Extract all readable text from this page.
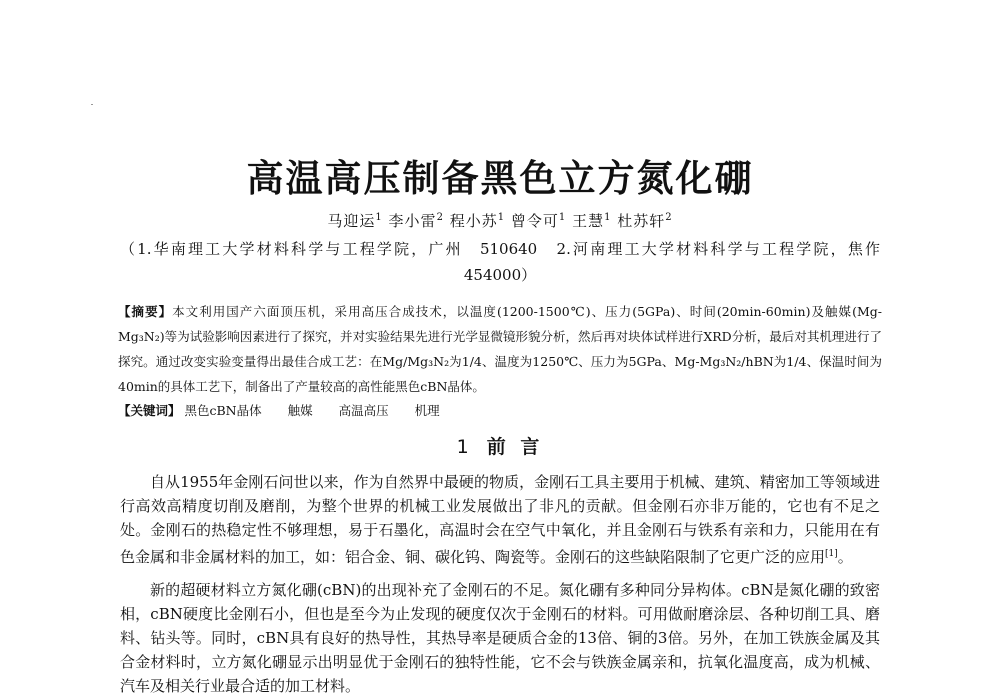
高温高压制备黑色立方氮化硼
马迎运$^1$ 李小雷$^2$ 程小苏$^1$ 曾令可$^1$ 王慧$^1$ 杜苏轩$^2$
（1.华南理工大学材料科学与工程学院，广州　510640　2.河南理工大学材料科学与工程学院，焦作
454000）
【摘要】本文利用国产六面顶压机，采用高压合成技术，以温度(1200-1500℃)、压力(5GPa)、时间(20min-60min)及触媒(Mg-Mg₃N₂)等为试验影响因素进行了探究，并对实验结果先进行光学显微镜形貌分析，然后再对块体试样进行XRD分析，最后对其机理进行了探究。通过改变实验变量得出最佳合成工艺：在Mg/Mg₃N₂为1/4、温度为1250℃、压力为5GPa、Mg-Mg₃N₂/hBN为1/4、保温时间为40min的具体工艺下，制备出了产量较高的高性能黑色cBN晶体。
【关键词】 黑色cBN晶体 触媒 高温高压 机理
1 前 言

自从1955年金刚石问世以来，作为自然界中最硬的物质，金刚石工具主要用于机械、建筑、精密加工等领域进行高效高精度切削及磨削，为整个世界的机械工业发展做出了非凡的贡献。但金刚石亦非万能的，它也有不足之处。金刚石的热稳定性不够理想，易于石墨化，高温时会在空气中氧化，并且金刚石与铁系有亲和力，只能用在有色金属和非金属材料的加工，如：铝合金、铜、碳化钨、陶瓷等。金刚石的这些缺陷限制了它更广泛的应用[1]。

新的超硬材料立方氮化硼(cBN)的出现补充了金刚石的不足。氮化硼有多种同分异构体。cBN是氮化硼的致密相，cBN硬度比金刚石小，但也是至今为止发现的硬度仅次于金刚石的材料。可用做耐磨涂层、各种切削工具、磨料、钻头等。同时，cBN具有良好的热导性，其热导率是硬质合金的13倍、铜的3倍。另外，在加工铁族金属及其合金材料时，立方氮化硼显示出明显优于金刚石的独特性能，它不会与铁族金属亲和，抗氧化温度高，成为机械、汽车及相关行业最合适的加工材料。
